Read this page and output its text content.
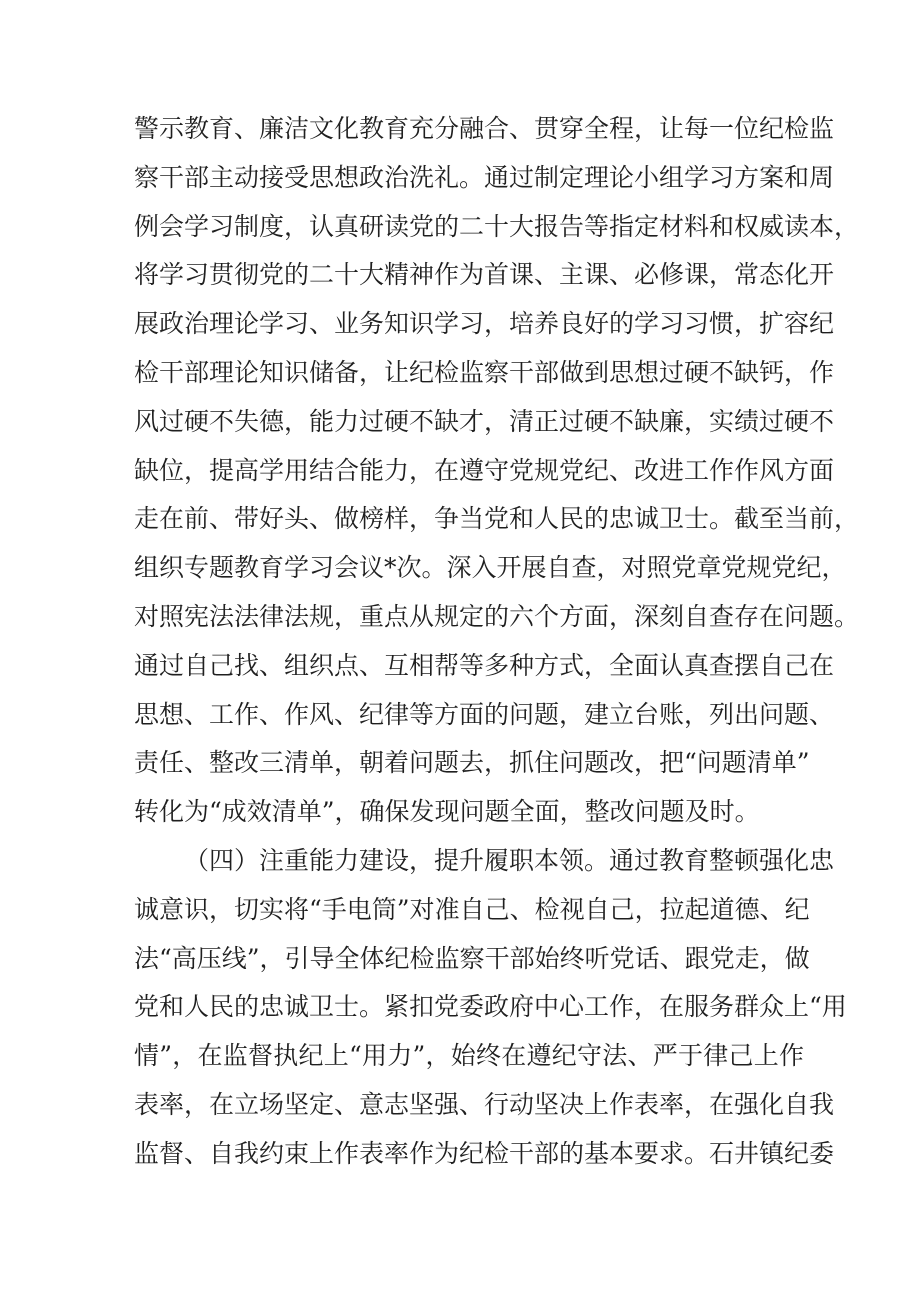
警示教育、廉洁文化教育充分融合、贯穿全程，让每一位纪检监
察干部主动接受思想政治洗礼。通过制定理论小组学习方案和周
例会学习制度，认真研读党的二十大报告等指定材料和权威读本，
将学习贯彻党的二十大精神作为首课、主课、必修课，常态化开
展政治理论学习、业务知识学习，培养良好的学习习惯，扩容纪
检干部理论知识储备，让纪检监察干部做到思想过硬不缺钙，作
风过硬不失德，能力过硬不缺才，清正过硬不缺廉，实绩过硬不
缺位，提高学用结合能力，在遵守党规党纪、改进工作作风方面
走在前、带好头、做榜样，争当党和人民的忠诚卫士。截至当前，
组织专题教育学习会议*次。深入开展自查，对照党章党规党纪，
对照宪法法律法规，重点从规定的六个方面，深刻自查存在问题。
通过自己找、组织点、互相帮等多种方式，全面认真查摆自己在
思想、工作、作风、纪律等方面的问题，建立台账，列出问题、
责任、整改三清单，朝着问题去，抓住问题改，把“问题清单”
转化为“成效清单”，确保发现问题全面，整改问题及时。
（四）注重能力建设，提升履职本领。通过教育整顿强化忠
诚意识，切实将“手电筒”对准自己、检视自己，拉起道德、纪
法“高压线”，引导全体纪检监察干部始终听党话、跟党走，做
党和人民的忠诚卫士。紧扣党委政府中心工作，在服务群众上“用
情”，在监督执纪上“用力”，始终在遵纪守法、严于律己上作
表率，在立场坚定、意志坚强、行动坚决上作表率，在强化自我
监督、自我约束上作表率作为纪检干部的基本要求。石井镇纪委
